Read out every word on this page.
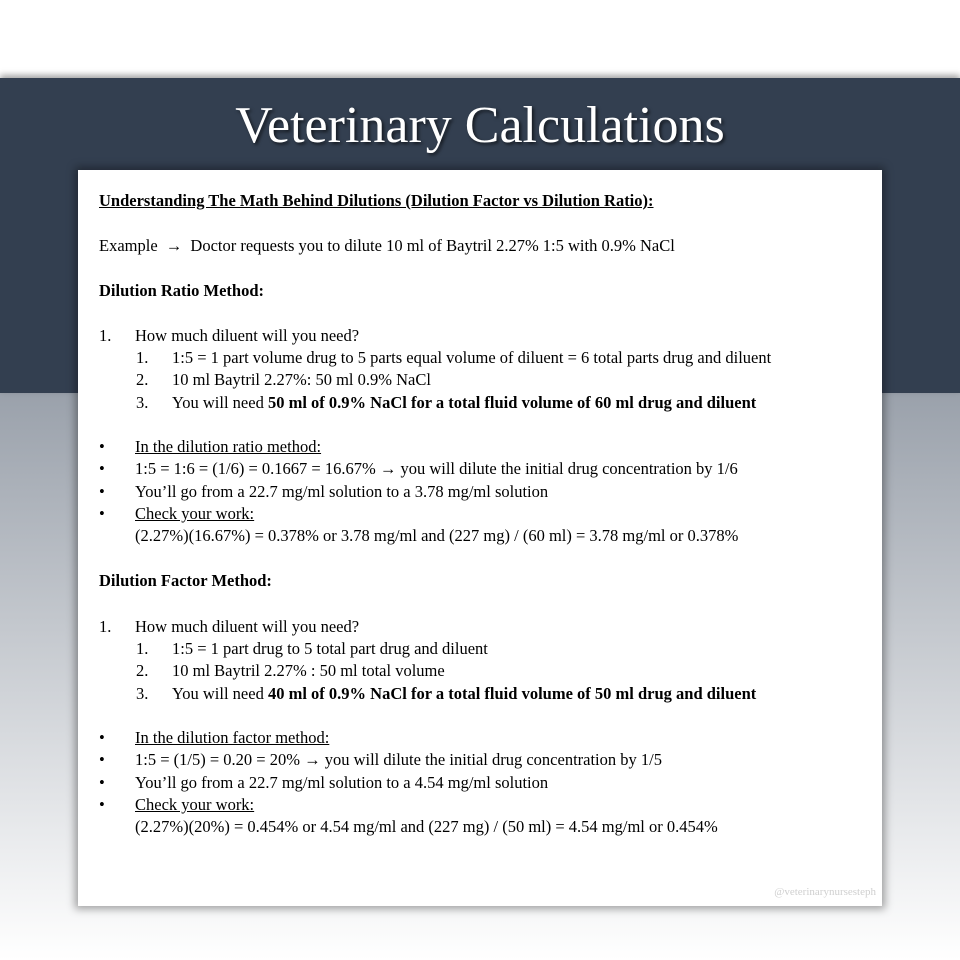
Veterinary Calculations
Understanding The Math Behind Dilutions (Dilution Factor vs Dilution Ratio):
Example → Doctor requests you to dilute 10 ml of Baytril 2.27% 1:5 with 0.9% NaCl
Dilution Ratio Method:
1. How much diluent will you need?
1. 1:5 = 1 part volume drug to 5 parts equal volume of diluent = 6 total parts drug and diluent
2. 10 ml Baytril 2.27%: 50 ml 0.9% NaCl
3. You will need 50 ml of 0.9% NaCl for a total fluid volume of 60 ml drug and diluent
• In the dilution ratio method:
• 1:5 = 1:6 = (1/6) = 0.1667 = 16.67% → you will dilute the initial drug concentration by 1/6
• You’ll go from a 22.7 mg/ml solution to a 3.78 mg/ml solution
• Check your work:
(2.27%)(16.67%) = 0.378% or 3.78 mg/ml and (227 mg) / (60 ml) = 3.78 mg/ml or 0.378%
Dilution Factor Method:
1. How much diluent will you need?
1. 1:5 = 1 part drug to 5 total part drug and diluent
2. 10 ml Baytril 2.27% : 50 ml total volume
3. You will need 40 ml of 0.9% NaCl for a total fluid volume of 50 ml drug and diluent
• In the dilution factor method:
• 1:5 = (1/5) = 0.20 = 20% → you will dilute the initial drug concentration by 1/5
• You’ll go from a 22.7 mg/ml solution to a 4.54 mg/ml solution
• Check your work:
(2.27%)(20%) = 0.454% or 4.54 mg/ml and (227 mg) / (50 ml) = 4.54 mg/ml or 0.454%
@veterinarynursesteph
